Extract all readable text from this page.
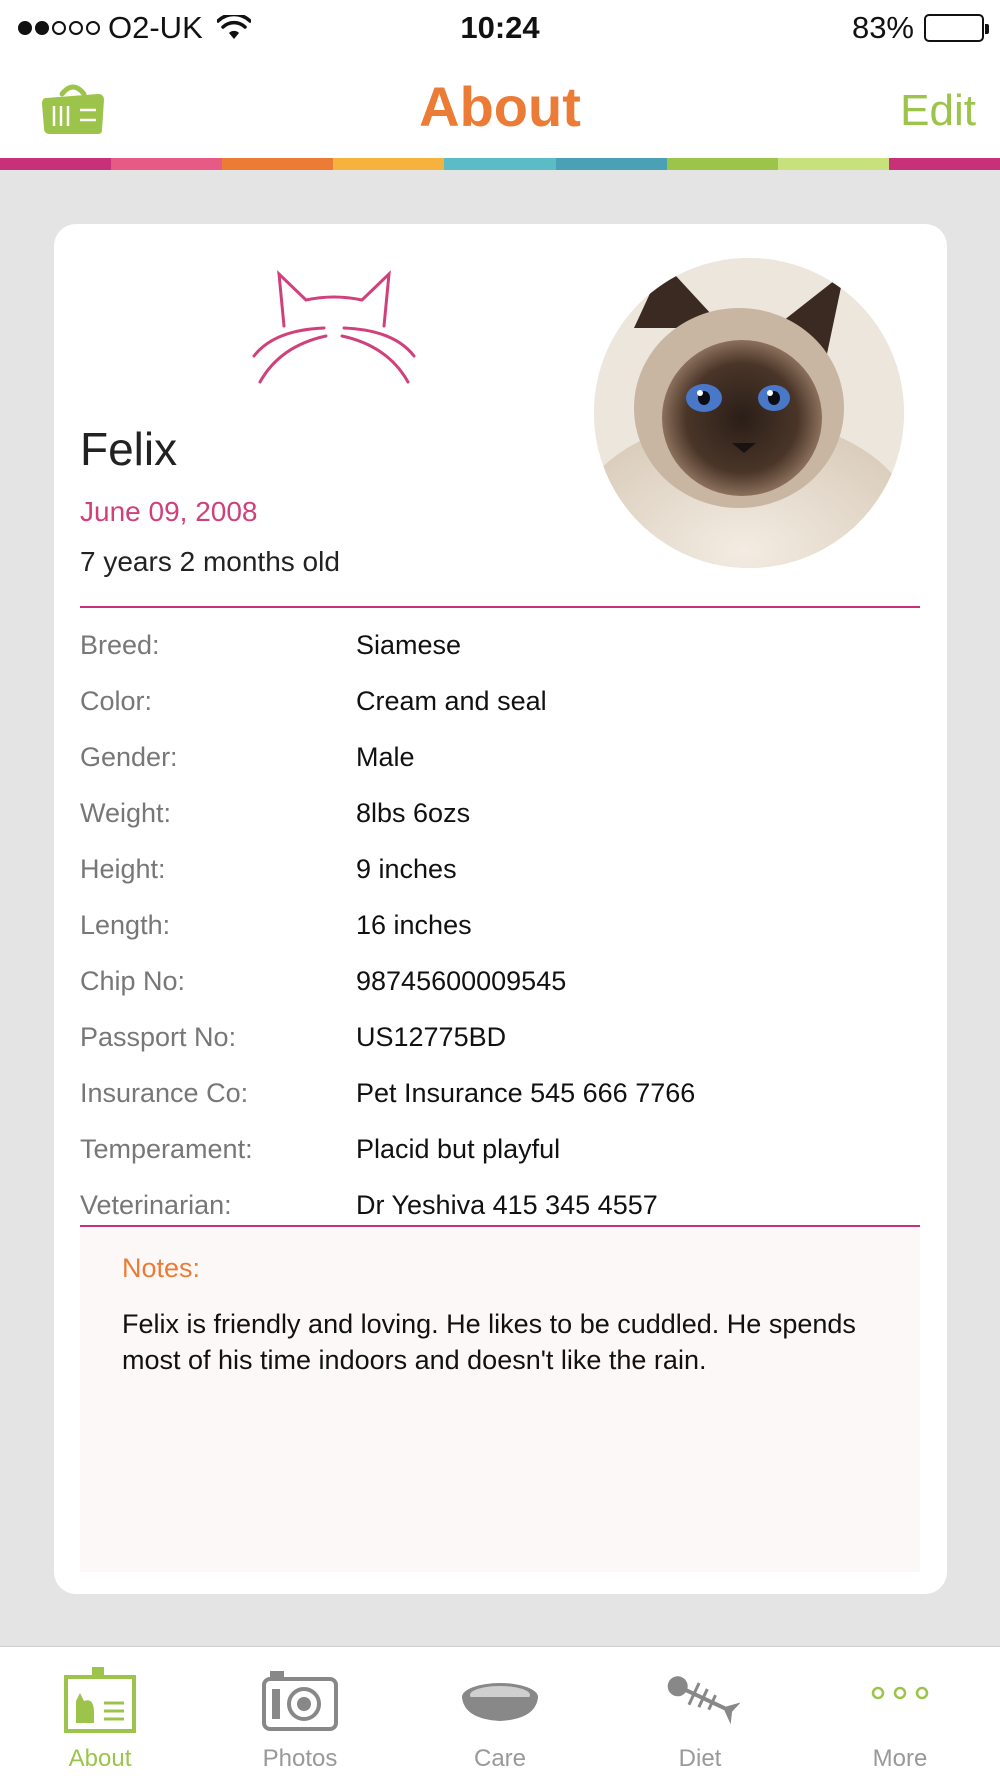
O2-UK	10:24	83%
About	Edit
Felix
June 09, 2008
7 years 2 months old
Breed:	Siamese
Color:	Cream and seal
Gender:	Male
Weight:	8lbs 6ozs
Height:	9 inches
Length:	16 inches
Chip No:	98745600009545
Passport No:	US12775BD
Insurance Co:	Pet Insurance 545 666 7766
Temperament:	Placid but playful
Veterinarian:	Dr Yeshiva 415 345 4557
Notes:
Felix is friendly and loving. He likes to be cuddled. He spends most of his time indoors and doesn't like the rain.
About	Photos	Care	Diet	More
